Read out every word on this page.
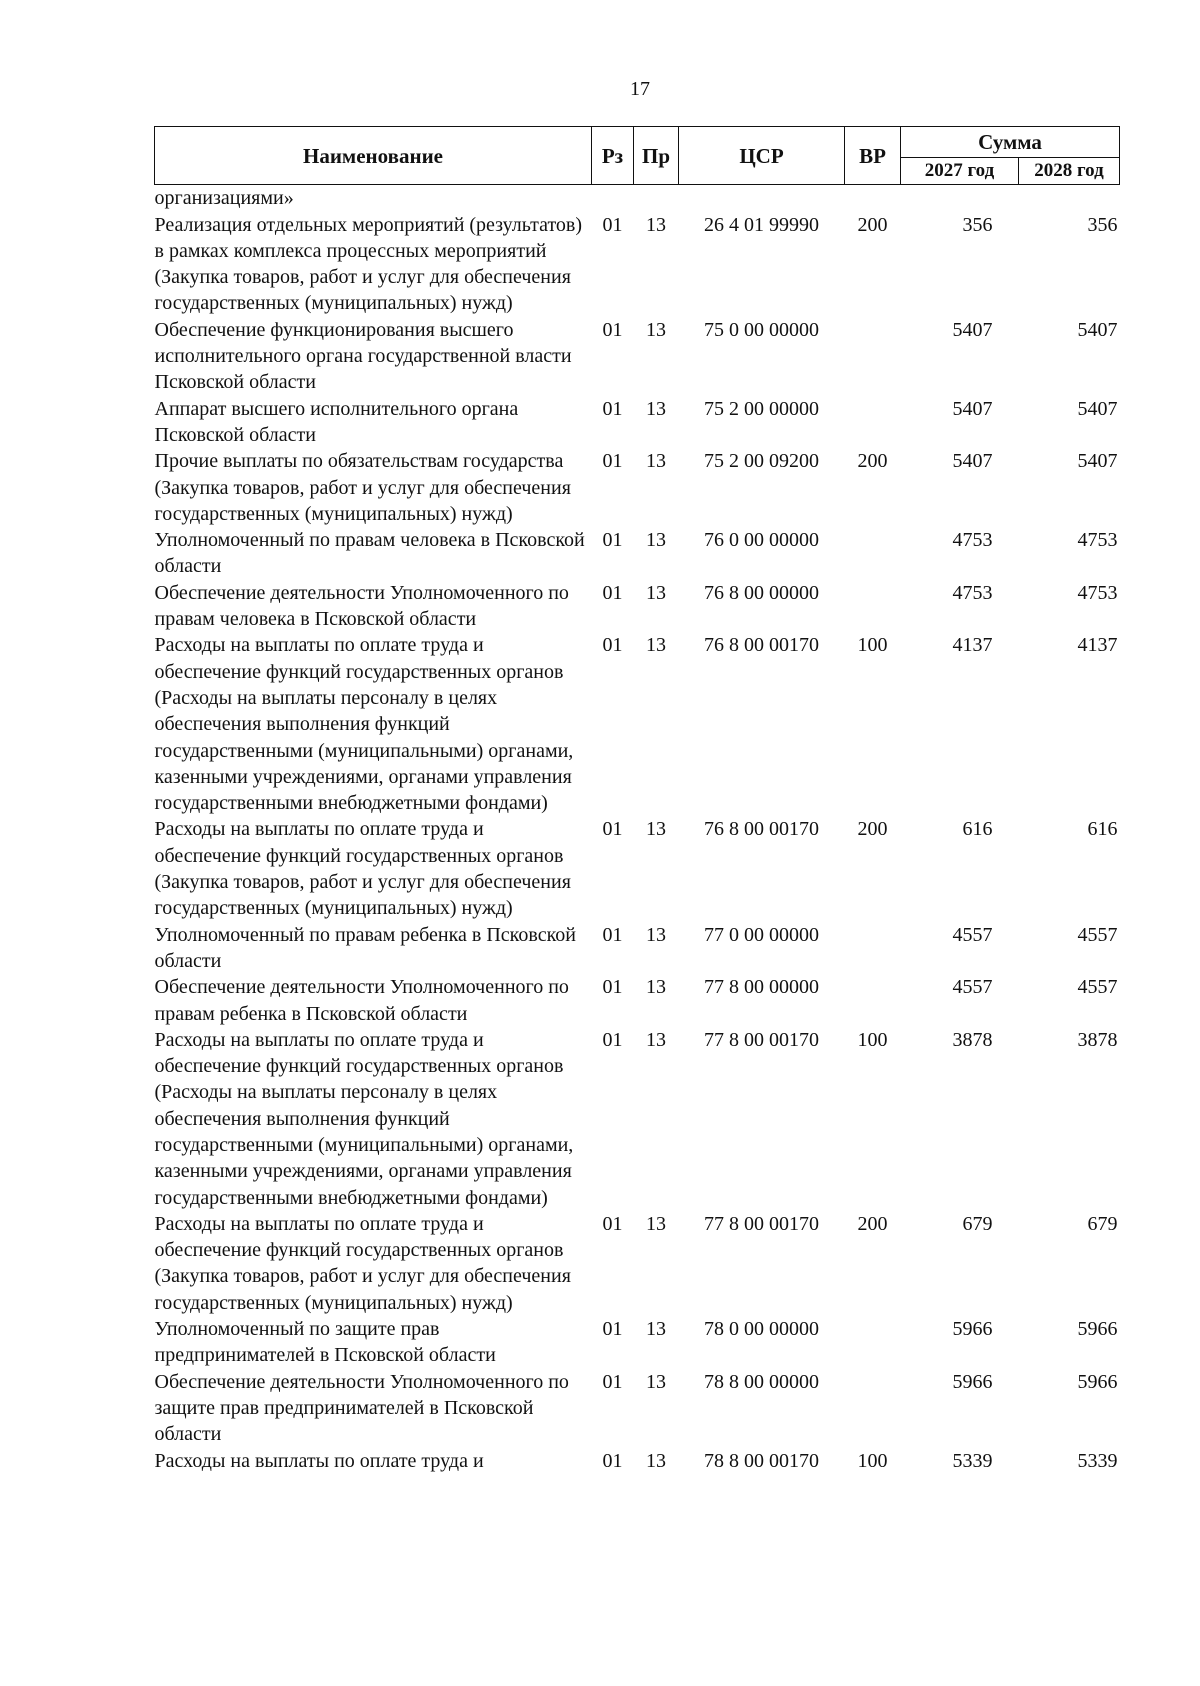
17
Наименование	Рз	Пр	ЦСР	ВР	Сумма	
					2027 год	2028 год
организациями»						
Реализация отдельных мероприятий (результатов) в рамках комплекса процессных мероприятий (Закупка товаров, работ и услуг для обеспечения государственных (муниципальных) нужд)	01	13	26 4 01 99990	200	356	356
Обеспечение функционирования высшего исполнительного органа государственной власти Псковской области	01	13	75 0 00 00000		5407	5407
Аппарат высшего исполнительного органа Псковской области	01	13	75 2 00 00000		5407	5407
Прочие выплаты по обязательствам государства (Закупка товаров, работ и услуг для обеспечения государственных (муниципальных) нужд)	01	13	75 2 00 09200	200	5407	5407
Уполномоченный по правам человека в Псковской области	01	13	76 0 00 00000		4753	4753
Обеспечение деятельности Уполномоченного по правам человека в Псковской области	01	13	76 8 00 00000		4753	4753
Расходы на выплаты по оплате труда и обеспечение функций государственных органов (Расходы на выплаты персоналу в целях обеспечения выполнения функций государственными (муниципальными) органами, казенными учреждениями, органами управления государственными внебюджетными фондами)	01	13	76 8 00 00170	100	4137	4137
Расходы на выплаты по оплате труда и обеспечение функций государственных органов (Закупка товаров, работ и услуг для обеспечения государственных (муниципальных) нужд)	01	13	76 8 00 00170	200	616	616
Уполномоченный по правам ребенка в Псковской области	01	13	77 0 00 00000		4557	4557
Обеспечение деятельности Уполномоченного по правам ребенка в Псковской области	01	13	77 8 00 00000		4557	4557
Расходы на выплаты по оплате труда и обеспечение функций государственных органов (Расходы на выплаты персоналу в целях обеспечения выполнения функций государственными (муниципальными) органами, казенными учреждениями, органами управления государственными внебюджетными фондами)	01	13	77 8 00 00170	100	3878	3878
Расходы на выплаты по оплате труда и обеспечение функций государственных органов (Закупка товаров, работ и услуг для обеспечения государственных (муниципальных) нужд)	01	13	77 8 00 00170	200	679	679
Уполномоченный по защите прав предпринимателей в Псковской области	01	13	78 0 00 00000		5966	5966
Обеспечение деятельности Уполномоченного по защите прав предпринимателей в Псковской области	01	13	78 8 00 00000		5966	5966
Расходы на выплаты по оплате труда и	01	13	78 8 00 00170	100	5339	5339
